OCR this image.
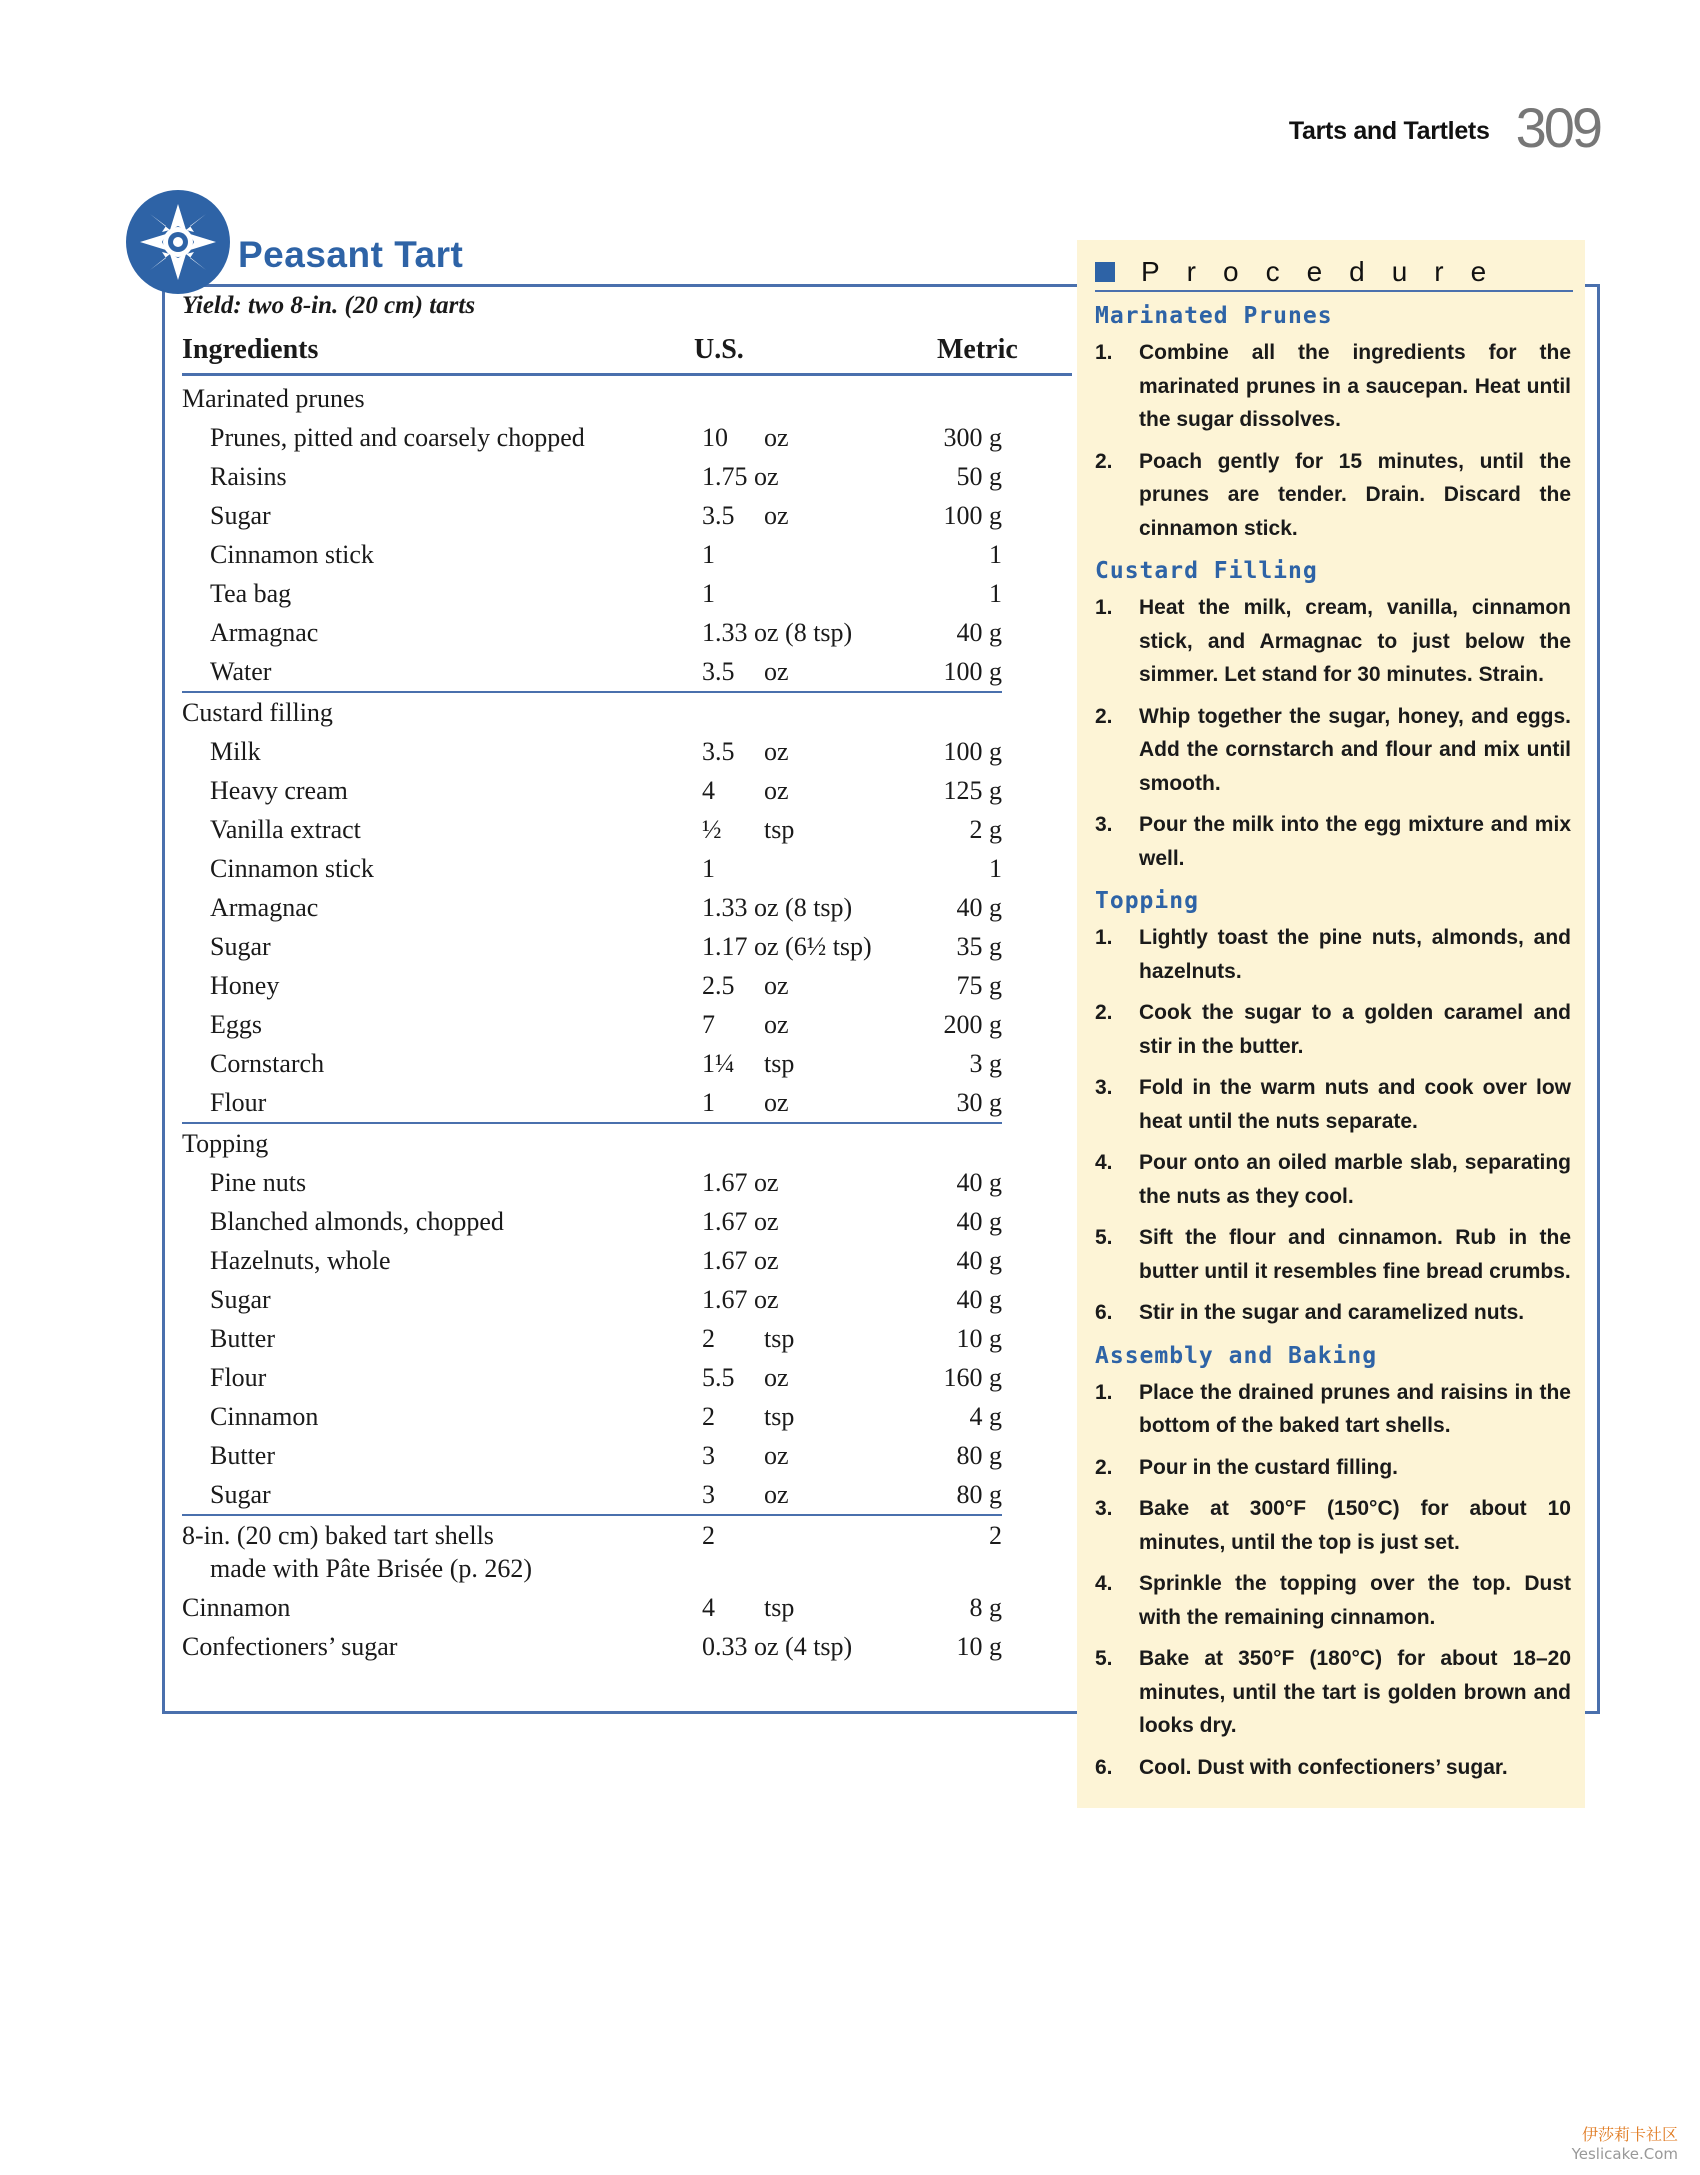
Tarts and Tartlets 309
Peasant Tart
Yield: two 8-in. (20 cm) tarts
Ingredients	U.S.	Metric
Marinated prunes
Prunes, pitted and coarsely chopped	10 oz	300 g
Raisins	1.75 oz	50 g
Sugar	3.5 oz	100 g
Cinnamon stick	1	1
Tea bag	1	1
Armagnac	1.33 oz (8 tsp)	40 g
Water	3.5 oz	100 g
Custard filling
Milk	3.5 oz	100 g
Heavy cream	4 oz	125 g
Vanilla extract	½ tsp	2 g
Cinnamon stick	1	1
Armagnac	1.33 oz (8 tsp)	40 g
Sugar	1.17 oz (6½ tsp)	35 g
Honey	2.5 oz	75 g
Eggs	7 oz	200 g
Cornstarch	1¼ tsp	3 g
Flour	1 oz	30 g
Topping
Pine nuts	1.67 oz	40 g
Blanched almonds, chopped	1.67 oz	40 g
Hazelnuts, whole	1.67 oz	40 g
Sugar	1.67 oz	40 g
Butter	2 tsp	10 g
Flour	5.5 oz	160 g
Cinnamon	2 tsp	4 g
Butter	3 oz	80 g
Sugar	3 oz	80 g
8-in. (20 cm) baked tart shells	2	2
made with Pâte Brisée (p. 262)
Cinnamon	4 tsp	8 g
Confectioners’ sugar	0.33 oz (4 tsp)	10 g
Procedure
Marinated Prunes
1.	Combine all the ingredients for the marinated prunes in a saucepan. Heat until the sugar dissolves.
2.	Poach gently for 15 minutes, until the prunes are tender. Drain. Discard the cinnamon stick.
Custard Filling
1.	Heat the milk, cream, vanilla, cinnamon stick, and Armagnac to just below the simmer. Let stand for 30 minutes. Strain.
2.	Whip together the sugar, honey, and eggs. Add the cornstarch and flour and mix until smooth.
3.	Pour the milk into the egg mixture and mix well.
Topping
1.	Lightly toast the pine nuts, almonds, and hazelnuts.
2.	Cook the sugar to a golden caramel and stir in the butter.
3.	Fold in the warm nuts and cook over low heat until the nuts separate.
4.	Pour onto an oiled marble slab, separating the nuts as they cool.
5.	Sift the flour and cinnamon. Rub in the butter until it resembles fine bread crumbs.
6.	Stir in the sugar and caramelized nuts.
Assembly and Baking
1.	Place the drained prunes and raisins in the bottom of the baked tart shells.
2.	Pour in the custard filling.
3.	Bake at 300°F (150°C) for about 10 minutes, until the top is just set.
4.	Sprinkle the topping over the top. Dust with the remaining cinnamon.
5.	Bake at 350°F (180°C) for about 18–20 minutes, until the tart is golden brown and looks dry.
6.	Cool. Dust with confectioners’ sugar.
伊莎莉卡社区
Yeslicake.Com
